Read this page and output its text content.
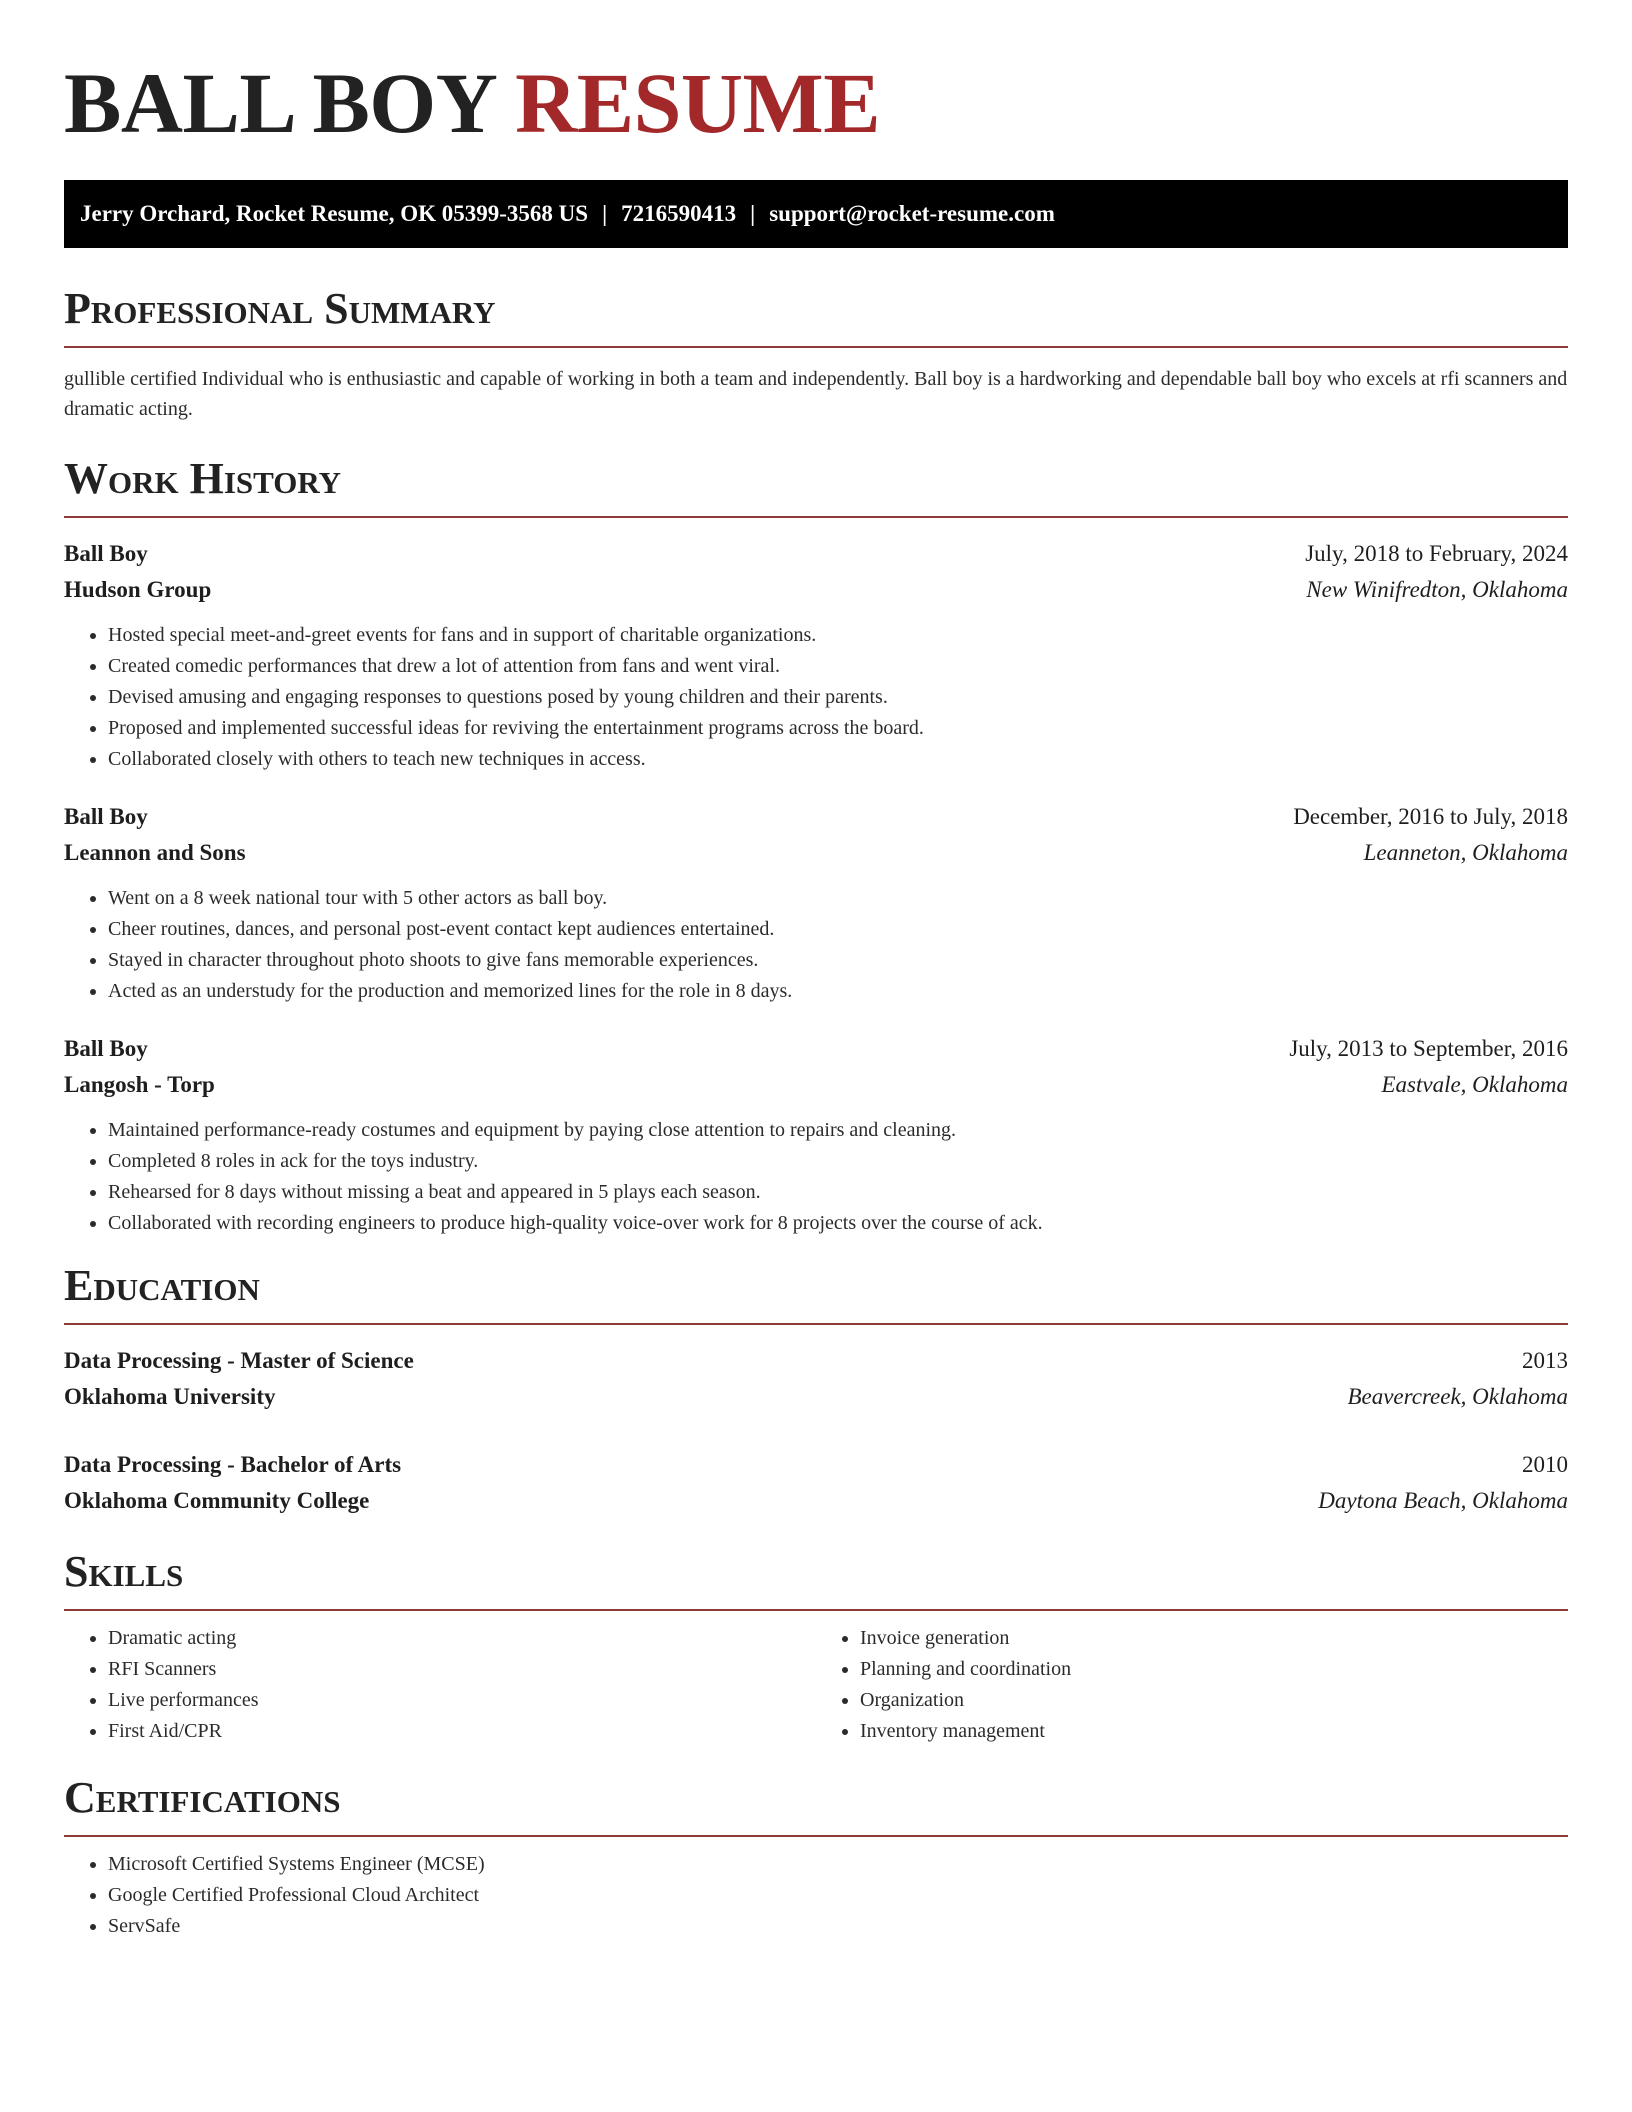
BALL BOY RESUME
Jerry Orchard, Rocket Resume, OK 05399-3568 US | 7216590413 | support@rocket-resume.com
Professional Summary

gullible certified Individual who is enthusiastic and capable of working in both a team and independently. Ball boy is a hardworking and dependable ball boy who excels at rfi scanners and dramatic acting.

Work History
Ball Boy	July, 2018 to February, 2024
Hudson Group	New Winifredton, Oklahoma
• Hosted special meet-and-greet events for fans and in support of charitable organizations.
• Created comedic performances that drew a lot of attention from fans and went viral.
• Devised amusing and engaging responses to questions posed by young children and their parents.
• Proposed and implemented successful ideas for reviving the entertainment programs across the board.
• Collaborated closely with others to teach new techniques in access.
Ball Boy	December, 2016 to July, 2018
Leannon and Sons	Leanneton, Oklahoma
• Went on a 8 week national tour with 5 other actors as ball boy.
• Cheer routines, dances, and personal post-event contact kept audiences entertained.
• Stayed in character throughout photo shoots to give fans memorable experiences.
• Acted as an understudy for the production and memorized lines for the role in 8 days.
Ball Boy	July, 2013 to September, 2016
Langosh - Torp	Eastvale, Oklahoma
• Maintained performance-ready costumes and equipment by paying close attention to repairs and cleaning.
• Completed 8 roles in ack for the toys industry.
• Rehearsed for 8 days without missing a beat and appeared in 5 plays each season.
• Collaborated with recording engineers to produce high-quality voice-over work for 8 projects over the course of ack.
Education
Data Processing - Master of Science	2013
Oklahoma University	Beavercreek, Oklahoma
Data Processing - Bachelor of Arts	2010
Oklahoma Community College	Daytona Beach, Oklahoma
Skills
• Dramatic acting
• RFI Scanners
• Live performances
• First Aid/CPR
• Invoice generation
• Planning and coordination
• Organization
• Inventory management
Certifications
• Microsoft Certified Systems Engineer (MCSE)
• Google Certified Professional Cloud Architect
• ServSafe
